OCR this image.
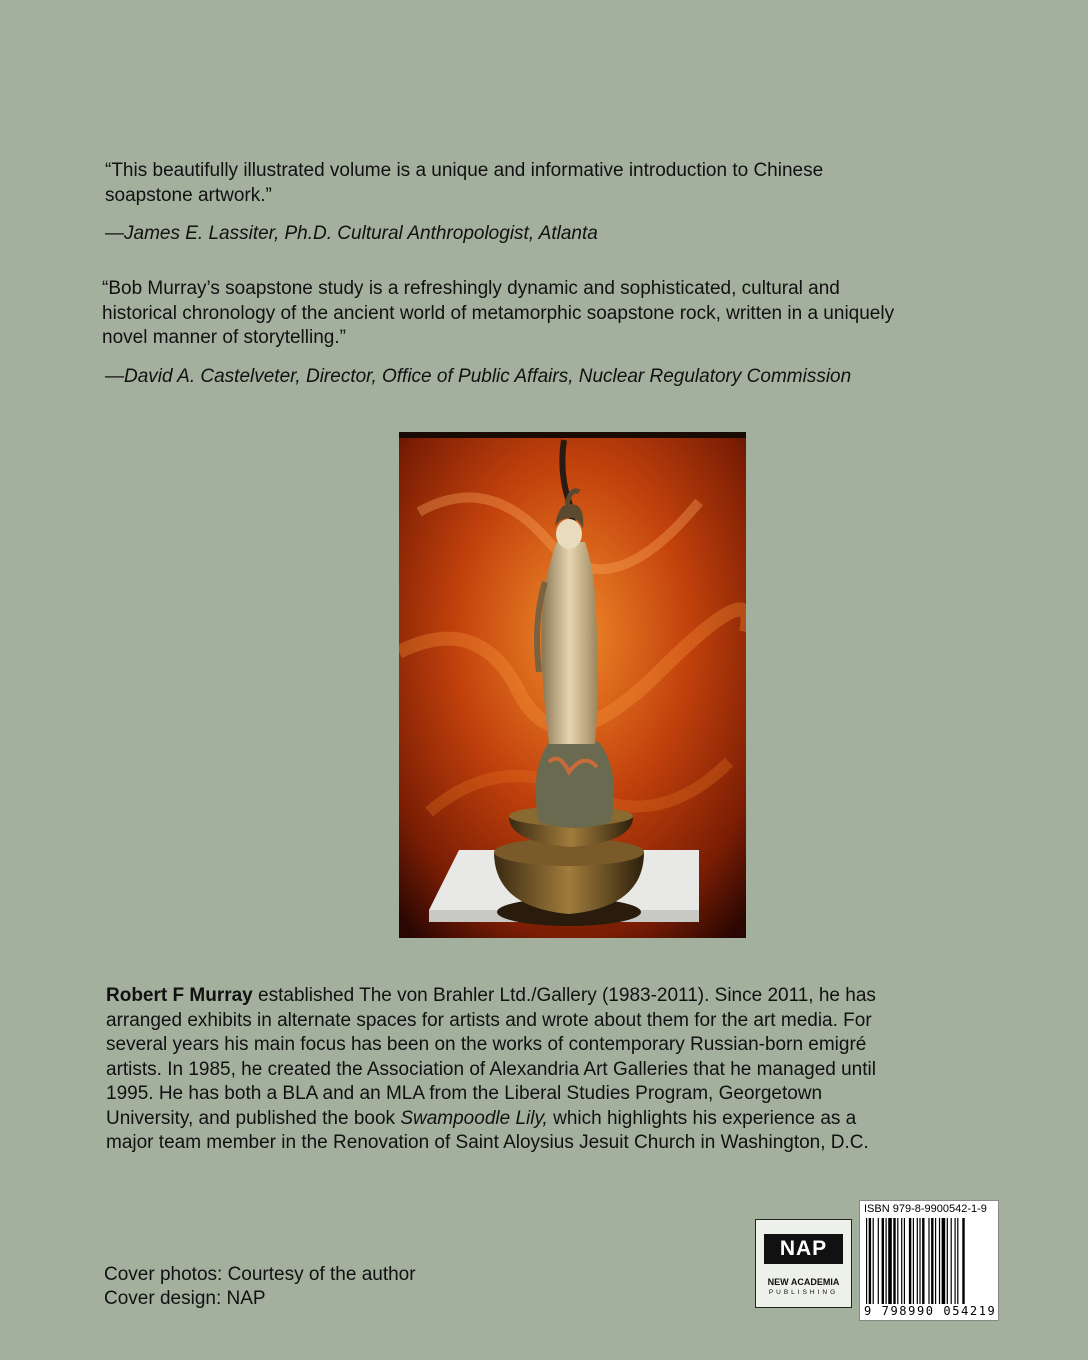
“This beautifully illustrated volume is a unique and informative introduction to Chinese soapstone artwork.”

—James E. Lassiter, Ph.D. Cultural Anthropologist, Atlanta

“Bob Murray’s soapstone study is a refreshingly dynamic and sophisticated, cultural and historical chronology of the ancient world of metamorphic soapstone rock, written in a uniquely novel manner of storytelling.”

—David A. Castelveter, Director, Office of Public Affairs, Nuclear Regulatory Commission

Robert F Murray established The von Brahler Ltd./Gallery (1983-2011). Since 2011, he has arranged exhibits in alternate spaces for artists and wrote about them for the art media. For several years his main focus has been on the works of contemporary Russian-born emigré artists. In 1985, he created the Association of Alexandria Art Galleries that he managed until 1995. He has both a BLA and an MLA from the Liberal Studies Program, Georgetown University, and published the book Swampoodle Lily, which highlights his experience as a major team member in the Renovation of Saint Aloysius Jesuit Church in Washington, D.C.

Cover photos: Courtesy of the author

Cover design: NAP

NAP
NEW ACADEMIA
PUBLISHING
ISBN 979-8-9900542-1-9
9 798990 054219
